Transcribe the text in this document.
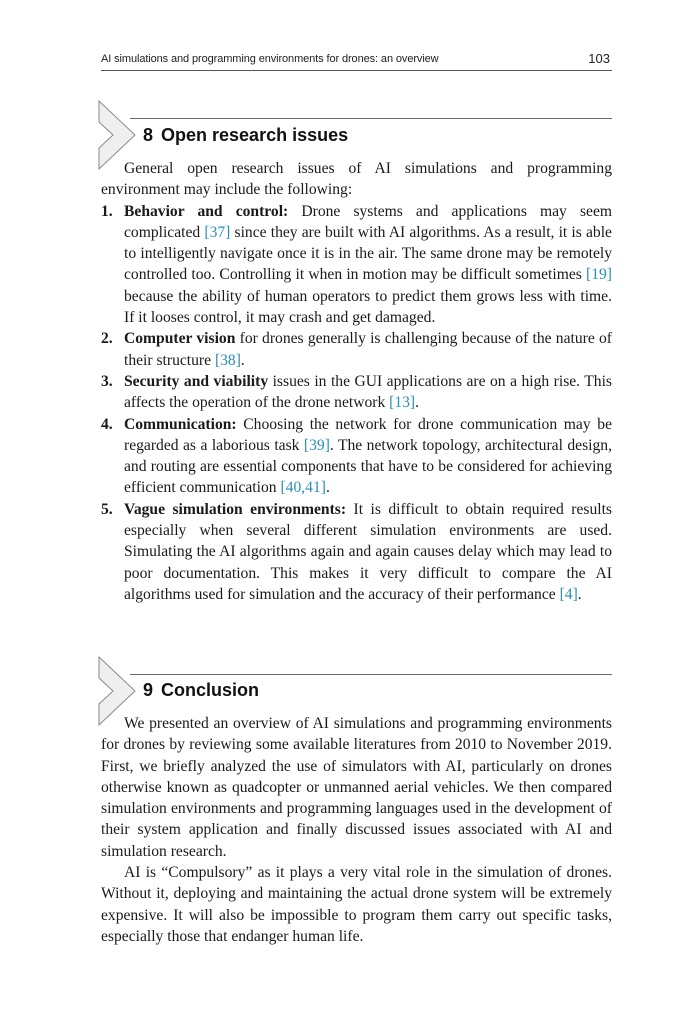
AI simulations and programming environments for drones: an overview	103
8 Open research issues

General open research issues of AI simulations and programming environment may include the following:

1. Behavior and control: Drone systems and applications may seem complicated [37] since they are built with AI algorithms. As a result, it is able to intelligently navigate once it is in the air. The same drone may be remotely controlled too. Controlling it when in motion may be difficult sometimes [19] because the ability of human operators to predict them grows less with time. If it looses control, it may crash and get damaged.
2. Computer vision for drones generally is challenging because of the nature of their structure [38].
3. Security and viability issues in the GUI applications are on a high rise. This affects the operation of the drone network [13].
4. Communication: Choosing the network for drone communication may be regarded as a laborious task [39]. The network topology, architectural design, and routing are essential components that have to be considered for achieving efficient communication [40,41].
5. Vague simulation environments: It is difficult to obtain required results especially when several different simulation environments are used. Simulating the AI algorithms again and again causes delay which may lead to poor documentation. This makes it very difficult to compare the AI algorithms used for simulation and the accuracy of their performance [4].
9 Conclusion

We presented an overview of AI simulations and programming environments for drones by reviewing some available literatures from 2010 to November 2019. First, we briefly analyzed the use of simulators with AI, particularly on drones otherwise known as quadcopter or unmanned aerial vehicles. We then compared simulation environments and programming languages used in the development of their system application and finally discussed issues associated with AI and simulation research.

AI is “Compulsory” as it plays a very vital role in the simulation of drones. Without it, deploying and maintaining the actual drone system will be extremely expensive. It will also be impossible to program them carry out specific tasks, especially those that endanger human life.
